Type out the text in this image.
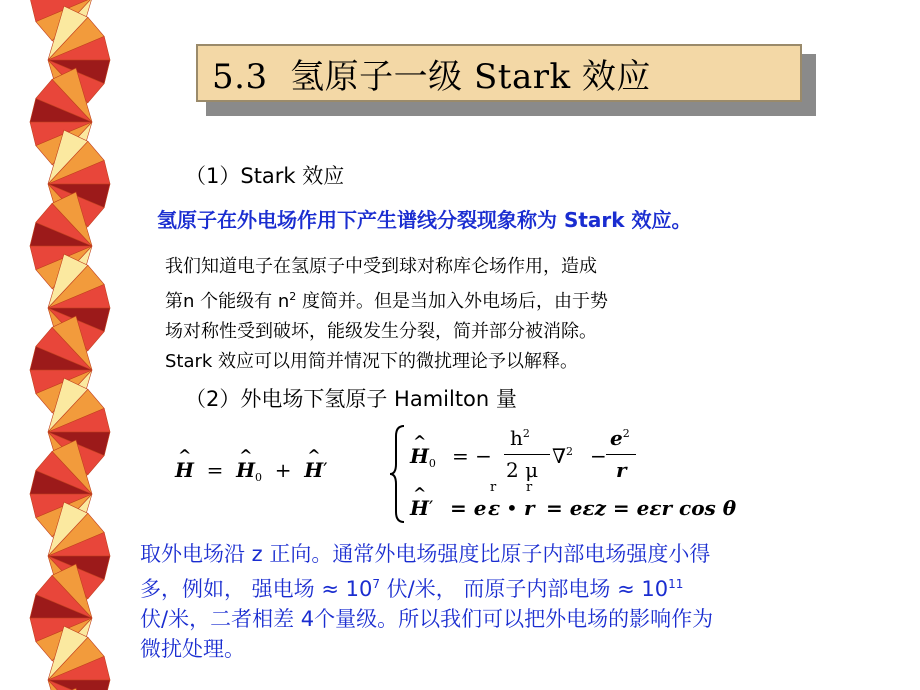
5.3  氢原子一级 Stark 效应
（1）Stark 效应
氢原子在外电场作用下产生谱线分裂现象称为 Stark 效应。
我们知道电子在氢原子中受到球对称库仑场作用，造成
第n 个能级有 $n^2$ 度简并。但是当加入外电场后，由于势
场对称性受到破坏，能级发生分裂，简并部分被消除。
Stark 效应可以用简并情况下的微扰理论予以解释。
（2）外电场下氢原子 Hamilton 量
^ H  =  ^ $H_0$ +  ^ H′
^ $H_0$ = −
$h^2$
2 μ
∇$^2$ −
$e^2$
r
^ H′
r r
= e ε • r = eεz = eεr cos θ
取外电场沿 z 正向。通常外电场强度比原子内部电场强度小得
多，例如， 强电场 ≈ $10^7$ 伏/米， 而原子内部电场 ≈ $10^{11}$
伏/米，二者相差 4个量级。所以我们可以把外电场的影响作为
微扰处理。
